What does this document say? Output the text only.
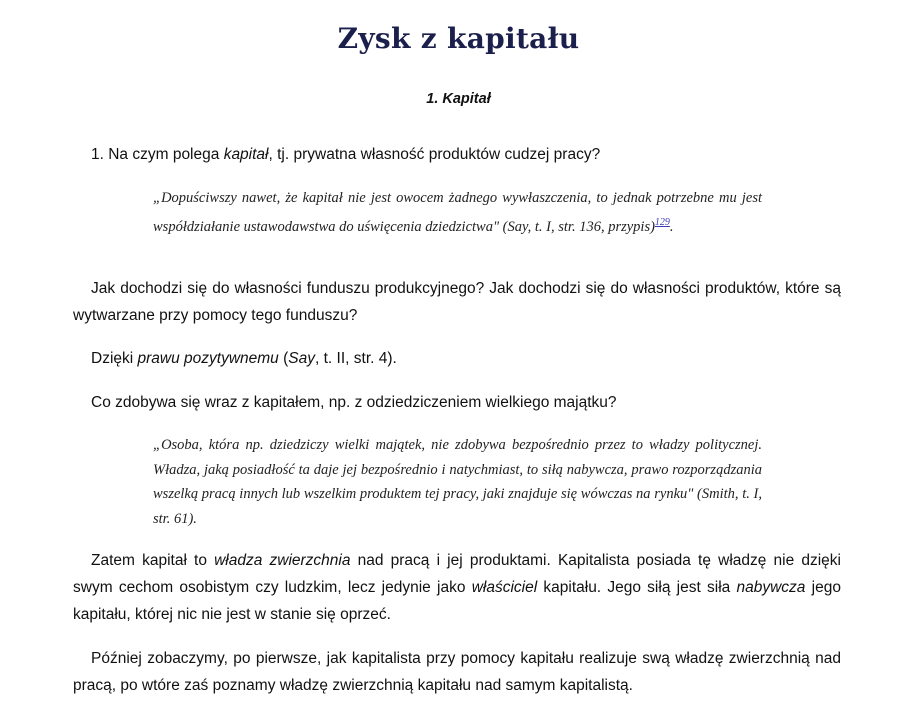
Zysk z kapitału
1. Kapitał

1. Na czym polega kapitał, tj. prywatna własność produktów cudzej pracy?

„Dopuściwszy nawet, że kapitał nie jest owocem żadnego wywłaszczenia, to jednak potrzebne mu jest współdziałanie ustawodawstwa do uświęcenia dziedzictwa" (Say, t. I, str. 136, przypis)$^{129}$.

Jak dochodzi się do własności funduszu produkcyjnego? Jak dochodzi się do własności produktów, które są wytwarzane przy pomocy tego funduszu?

Dzięki prawu pozytywnemu (Say, t. II, str. 4).

Co zdobywa się wraz z kapitałem, np. z odziedziczeniem wielkiego majątku?

„Osoba, która np. dziedziczy wielki majątek, nie zdobywa bezpośrednio przez to władzy politycznej. Władza, jaką posiadłość ta daje jej bezpośrednio i natychmiast, to siłą nabywcza, prawo rozporządzania wszelką pracą innych lub wszelkim produktem tej pracy, jaki znajduje się wówczas na rynku" (Smith, t. I, str. 61).

Zatem kapitał to władza zwierzchnia nad pracą i jej produktami. Kapitalista posiada tę władzę nie dzięki swym cechom osobistym czy ludzkim, lecz jedynie jako właściciel kapitału. Jego siłą jest siła nabywcza jego kapitału, której nic nie jest w stanie się oprzeć.

Później zobaczymy, po pierwsze, jak kapitalista przy pomocy kapitału realizuje swą władzę zwierzchnią nad pracą, po wtóre zaś poznamy władzę zwierzchnią kapitału nad samym kapitalistą.
